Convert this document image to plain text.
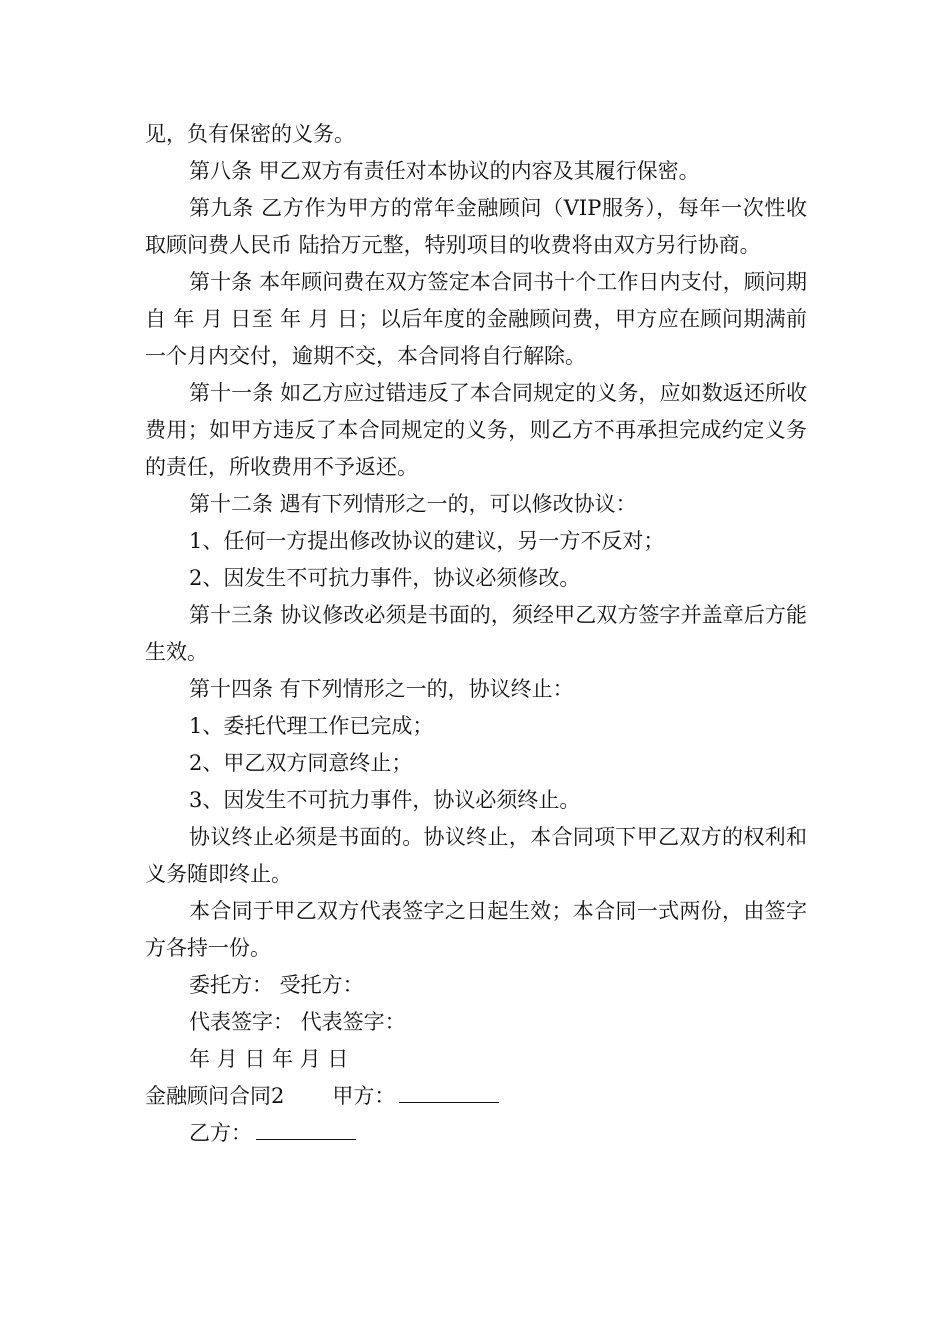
见，负有保密的义务。

第八条 甲乙双方有责任对本协议的内容及其履行保密。

第九条 乙方作为甲方的常年金融顾问（VIP服务），每年一次性收取顾问费人民币 陆拾万元整，特别项目的收费将由双方另行协商。

第十条 本年顾问费在双方签定本合同书十个工作日内支付，顾问期自 年 月 日至 年 月 日；以后年度的金融顾问费，甲方应在顾问期满前一个月内交付，逾期不交，本合同将自行解除。

第十一条 如乙方应过错违反了本合同规定的义务，应如数返还所收费用；如甲方违反了本合同规定的义务，则乙方不再承担完成约定义务的责任，所收费用不予返还。

第十二条 遇有下列情形之一的，可以修改协议：

1、任何一方提出修改协议的建议，另一方不反对；

2、因发生不可抗力事件，协议必须修改。

第十三条 协议修改必须是书面的，须经甲乙双方签字并盖章后方能生效。

第十四条 有下列情形之一的，协议终止：

1、委托代理工作已完成；

2、甲乙双方同意终止；

3、因发生不可抗力事件，协议必须终止。

协议终止必须是书面的。协议终止，本合同项下甲乙双方的权利和义务随即终止。

本合同于甲乙双方代表签字之日起生效；本合同一式两份，由签字方各持一份。

委托方： 受托方：

代表签字： 代表签字：

年 月 日 年 月 日

金融顾问合同2 甲方：

乙方：
